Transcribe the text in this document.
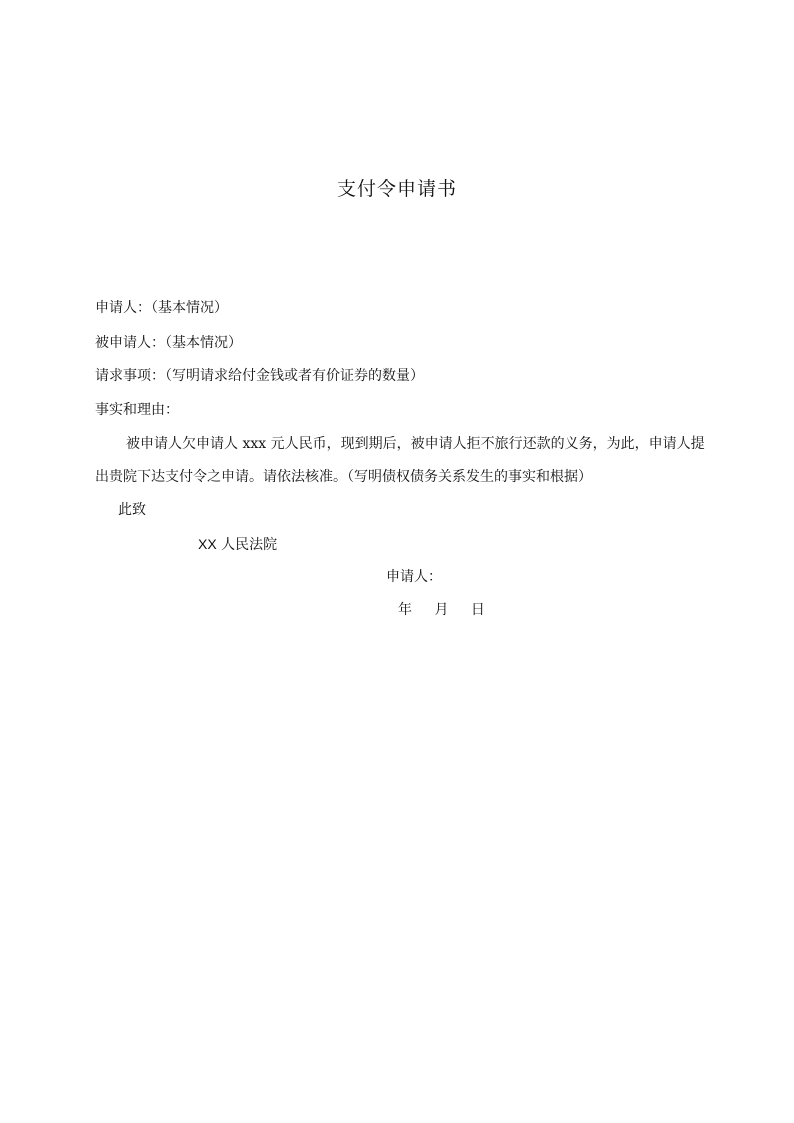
支付令申请书
申请人：（基本情况）
被申请人：（基本情况）
请求事项：（写明请求给付金钱或者有价证券的数量）
事实和理由：
被申请人欠申请人 xxx 元人民币，现到期后，被申请人拒不旅行还款的义务，为此，申请人提
出贵院下达支付令之申请。请依法核准。（写明债权债务关系发生的事实和根据）
此致
XX 人民法院
申请人：
年 月 日
